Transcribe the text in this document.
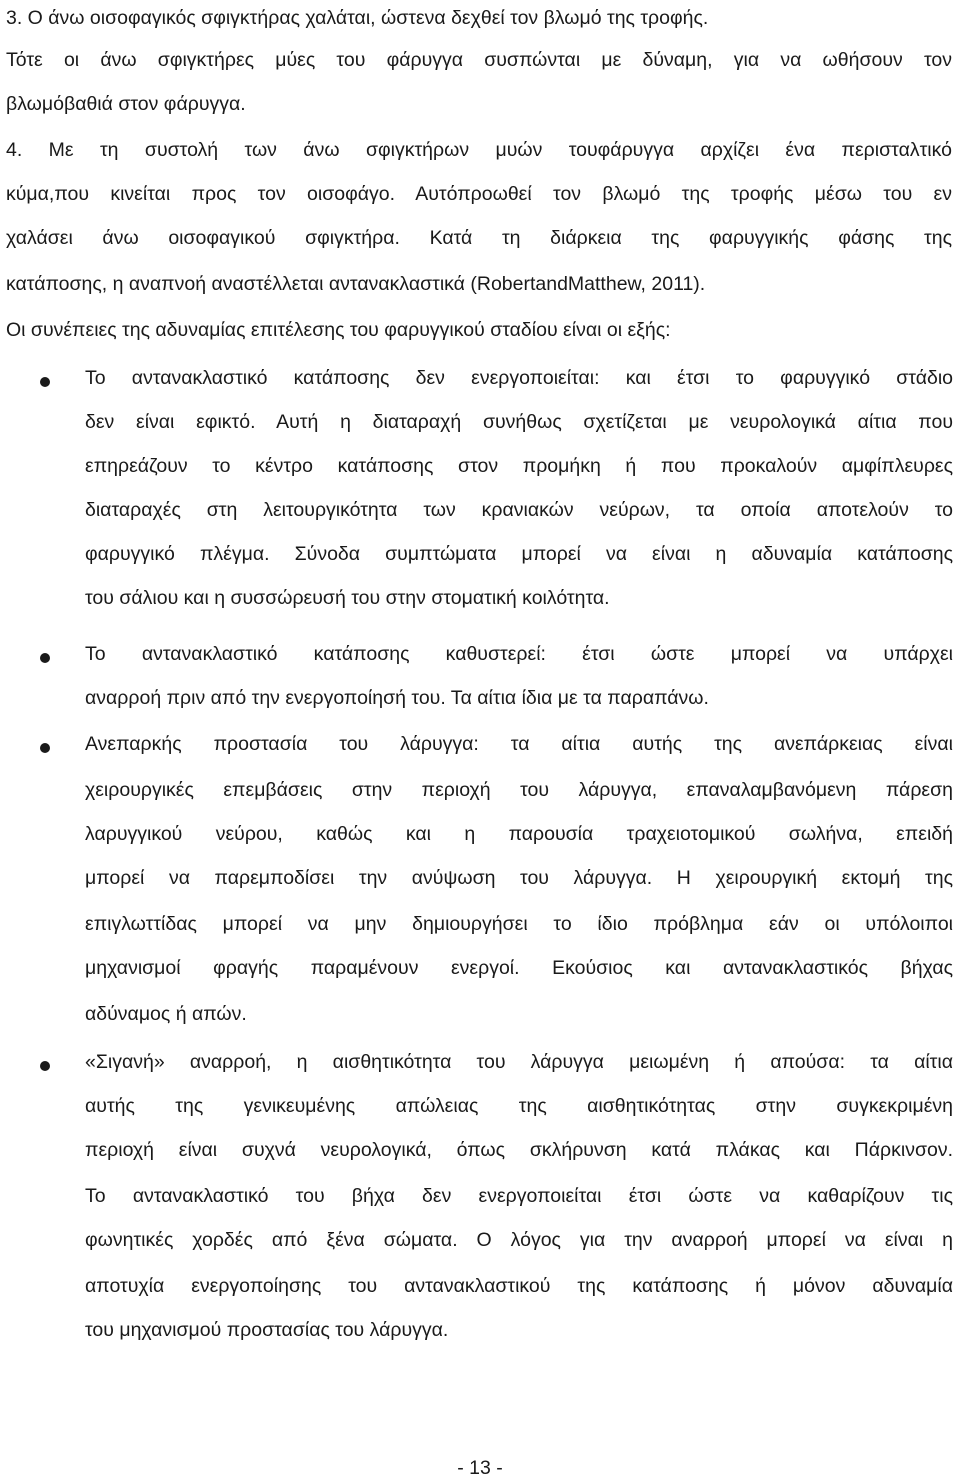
3. Ο άνω οισοφαγικός σφιγκτήρας χαλάται, ώστενα δεχθεί τον βλωμό της τροφής.
Τότε οι άνω σφιγκτήρες μύες του φάρυγγα συσπώνται με δύναμη, για να ωθήσουν τον
βλωμόβαθιά στον φάρυγγα.
4. Με τη συστολή των άνω σφιγκτήρων μυών τουφάρυγγα αρχίζει ένα περισταλτικό
κύμα,που κινείται προς τον οισοφάγο. Αυτόπροωθεί τον βλωμό της τροφής μέσω του εν
χαλάσει άνω οισοφαγικού σφιγκτήρα. Κατά τη διάρκεια της φαρυγγικής φάσης της
κατάποσης, η αναπνοή αναστέλλεται αντανακλαστικά (RobertandMatthew, 2011).
Οι συνέπειες της αδυναμίας επιτέλεσης του φαρυγγικού σταδίου είναι οι εξής:
Το αντανακλαστικό κατάποσης δεν ενεργοποιείται: και έτσι το φαρυγγικό στάδιο
δεν είναι εφικτό. Αυτή η διαταραχή συνήθως σχετίζεται με νευρολογικά αίτια που
επηρεάζουν το κέντρο κατάποσης στον προμήκη ή που προκαλούν αμφίπλευρες
διαταραχές στη λειτουργικότητα των κρανιακών νεύρων, τα οποία αποτελούν το
φαρυγγικό πλέγμα. Σύνοδα συμπτώματα μπορεί να είναι η αδυναμία κατάποσης
του σάλιου και η συσσώρευσή του στην στοματική κοιλότητα.
Το αντανακλαστικό κατάποσης καθυστερεί: έτσι ώστε μπορεί να υπάρχει
αναρροή πριν από την ενεργοποίησή του. Τα αίτια ίδια με τα παραπάνω.
Ανεπαρκής προστασία του λάρυγγα: τα αίτια αυτής της ανεπάρκειας είναι
χειρουργικές επεμβάσεις στην περιοχή του λάρυγγα, επαναλαμβανόμενη πάρεση
λαρυγγικού νεύρου, καθώς και η παρουσία τραχειοτομικού σωλήνα, επειδή
μπορεί να παρεμποδίσει την ανύψωση του λάρυγγα. Η χειρουργική εκτομή της
επιγλωττίδας μπορεί να μην δημιουργήσει το ίδιο πρόβλημα εάν οι υπόλοιποι
μηχανισμοί φραγής παραμένουν ενεργοί. Εκούσιος και αντανακλαστικός βήχας
αδύναμος ή απών.
«Σιγανή» αναρροή, η αισθητικότητα του λάρυγγα μειωμένη ή απούσα: τα αίτια
αυτής της γενικευμένης απώλειας της αισθητικότητας στην συγκεκριμένη
περιοχή είναι συχνά νευρολογικά, όπως σκλήρυνση κατά πλάκας και Πάρκινσον.
Το αντανακλαστικό του βήχα δεν ενεργοποιείται έτσι ώστε να καθαρίζουν τις
φωνητικές χορδές από ξένα σώματα. Ο λόγος για την αναρροή μπορεί να είναι η
αποτυχία ενεργοποίησης του αντανακλαστικού της κατάποσης ή μόνον αδυναμία
του μηχανισμού προστασίας του λάρυγγα.
- 13 -
